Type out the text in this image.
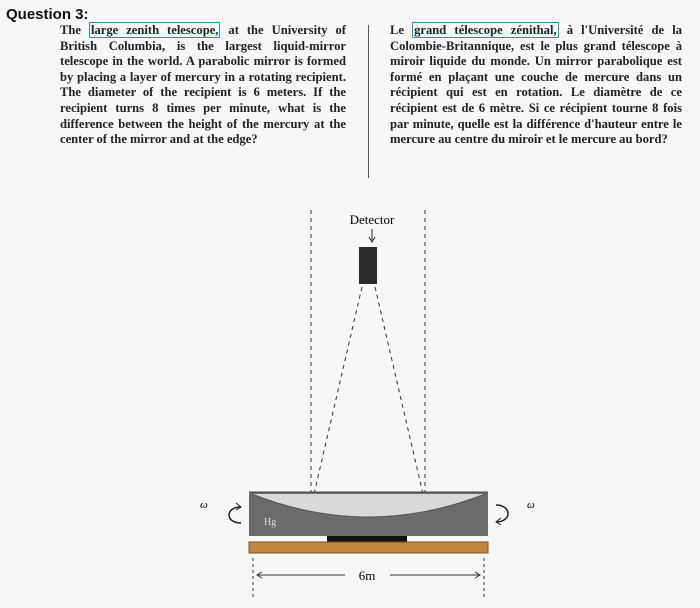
Question 3:
The large zenith telescope, at the University of British Columbia, is the largest liquid-mirror telescope in the world. A parabolic mirror is formed by placing a layer of mercury in a rotating recipient. The diameter of the recipient is 6 meters. If the recipient turns 8 times per minute, what is the difference between the height of the mercury at the center of the mirror and at the edge?
Le grand télescope zénithal, à l'Université de la Colombie-Britannique, est le plus grand télescope à miroir liquide du monde. Un mirror parabolique est formé en plaçant une couche de mercure dans un récipient qui est en rotation. Le diamètre de ce récipient est de 6 mètre. Si ce récipient tourne 8 fois par minute, quelle est la différence d'hauteur entre le mercure au centre du miroir et le mercure au bord?
Detector
Hg
ω	ω
6m
